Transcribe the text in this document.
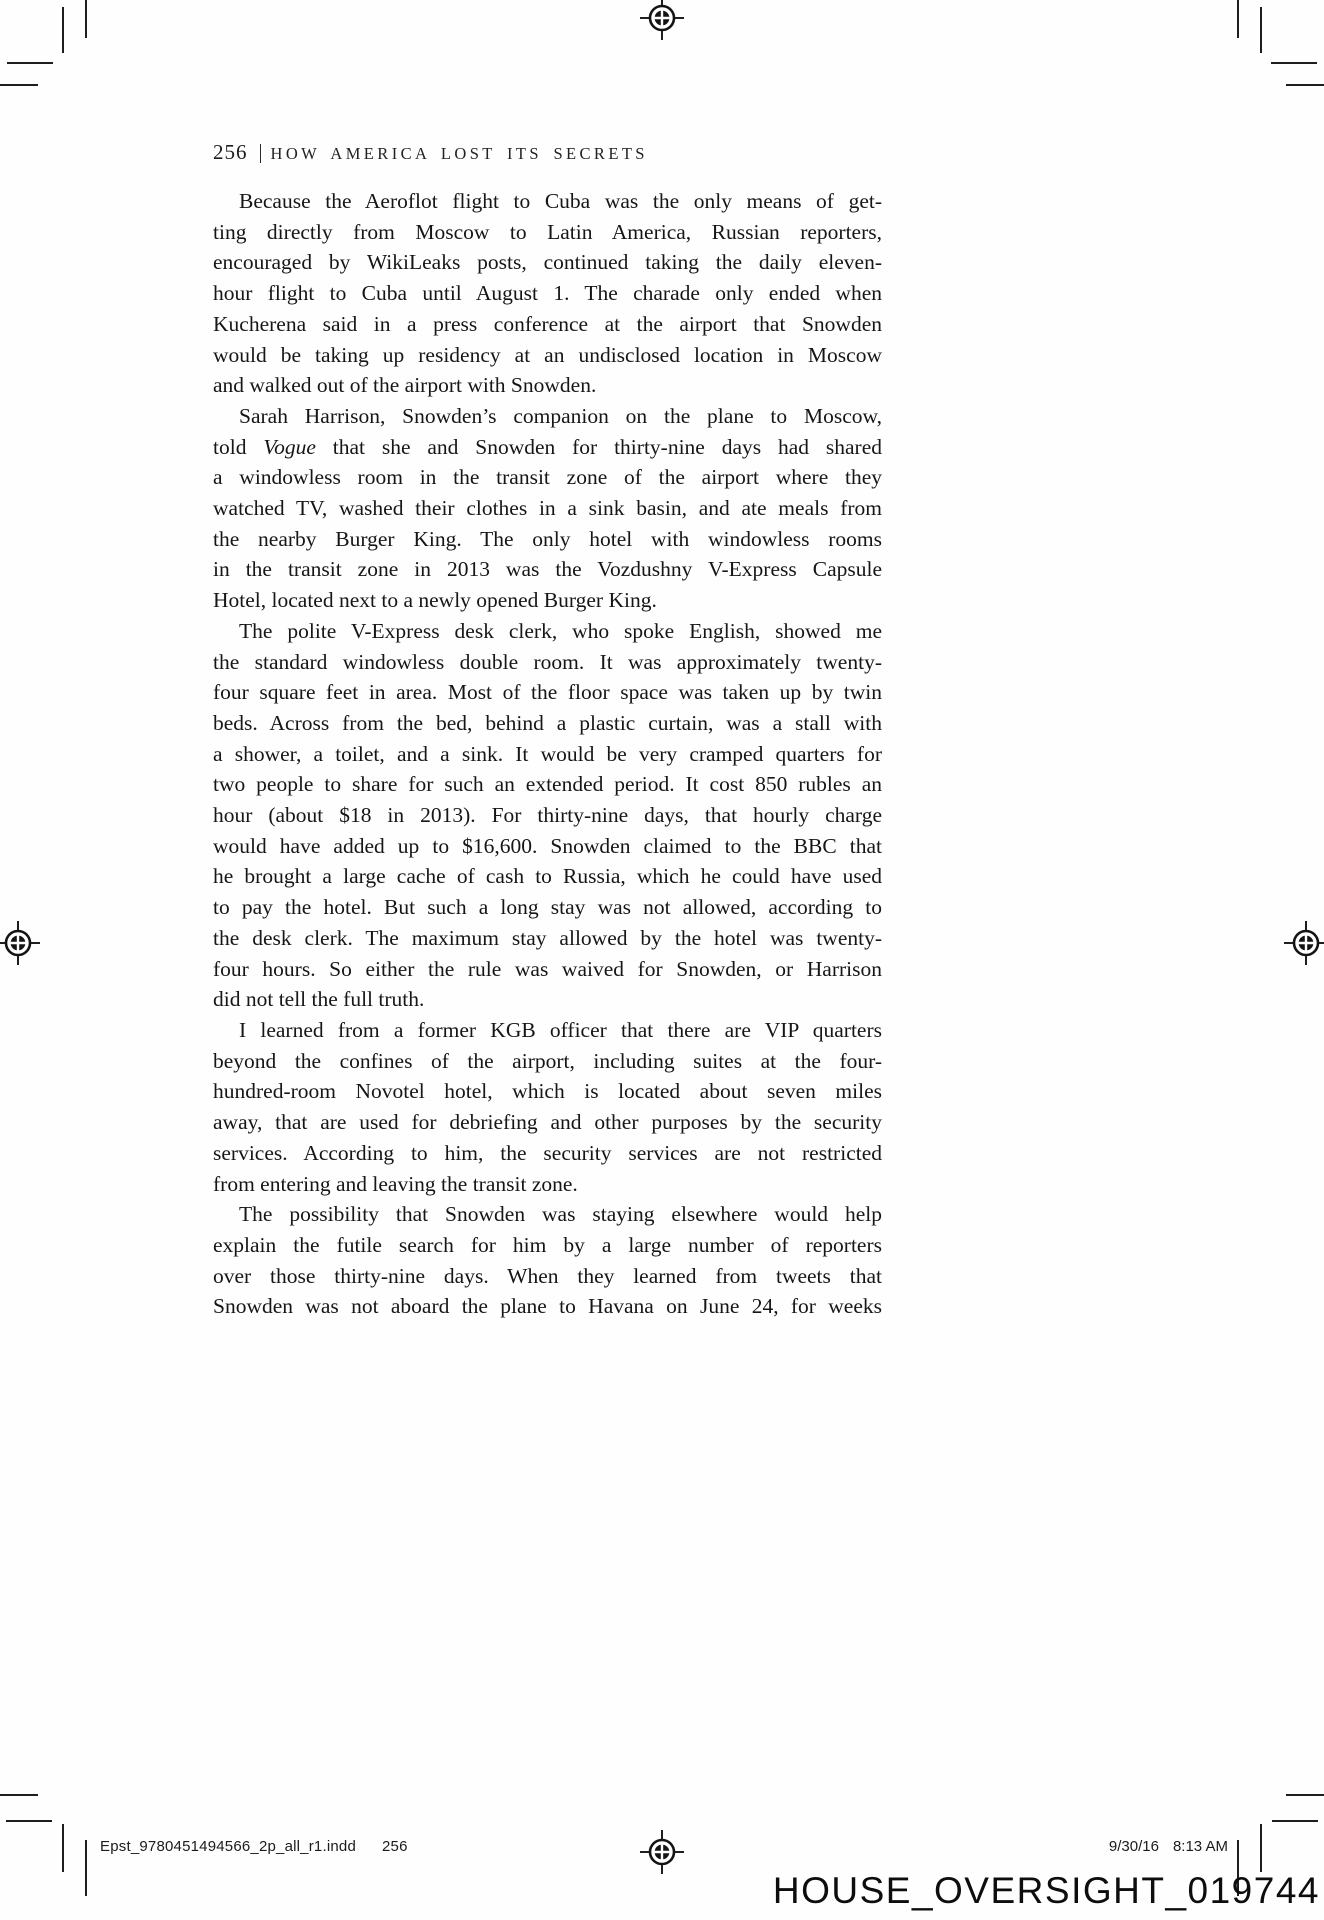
256 HOW AMERICA LOST ITS SECRETS
Because the Aeroflot flight to Cuba was the only means of get-
ting directly from Moscow to Latin America, Russian reporters,
encouraged by WikiLeaks posts, continued taking the daily eleven-
hour flight to Cuba until August 1. The charade only ended when
Kucherena said in a press conference at the airport that Snowden
would be taking up residency at an undisclosed location in Moscow
and walked out of the airport with Snowden.
Sarah Harrison, Snowden’s companion on the plane to Moscow,
told Vogue that she and Snowden for thirty-nine days had shared
a windowless room in the transit zone of the airport where they
watched TV, washed their clothes in a sink basin, and ate meals from
the nearby Burger King. The only hotel with windowless rooms
in the transit zone in 2013 was the Vozdushny V-Express Capsule
Hotel, located next to a newly opened Burger King.
The polite V-Express desk clerk, who spoke English, showed me
the standard windowless double room. It was approximately twenty-
four square feet in area. Most of the floor space was taken up by twin
beds. Across from the bed, behind a plastic curtain, was a stall with
a shower, a toilet, and a sink. It would be very cramped quarters for
two people to share for such an extended period. It cost 850 rubles an
hour (about $18 in 2013). For thirty-nine days, that hourly charge
would have added up to $16,600. Snowden claimed to the BBC that
he brought a large cache of cash to Russia, which he could have used
to pay the hotel. But such a long stay was not allowed, according to
the desk clerk. The maximum stay allowed by the hotel was twenty-
four hours. So either the rule was waived for Snowden, or Harrison
did not tell the full truth.
I learned from a former KGB officer that there are VIP quarters
beyond the confines of the airport, including suites at the four-
hundred-room Novotel hotel, which is located about seven miles
away, that are used for debriefing and other purposes by the security
services. According to him, the security services are not restricted
from entering and leaving the transit zone.
The possibility that Snowden was staying elsewhere would help
explain the futile search for him by a large number of reporters
over those thirty-nine days. When they learned from tweets that
Snowden was not aboard the plane to Havana on June 24, for weeks
Epst_9780451494566_2p_all_r1.indd 256	9/30/16 8:13 AM
HOUSE_OVERSIGHT_019744
